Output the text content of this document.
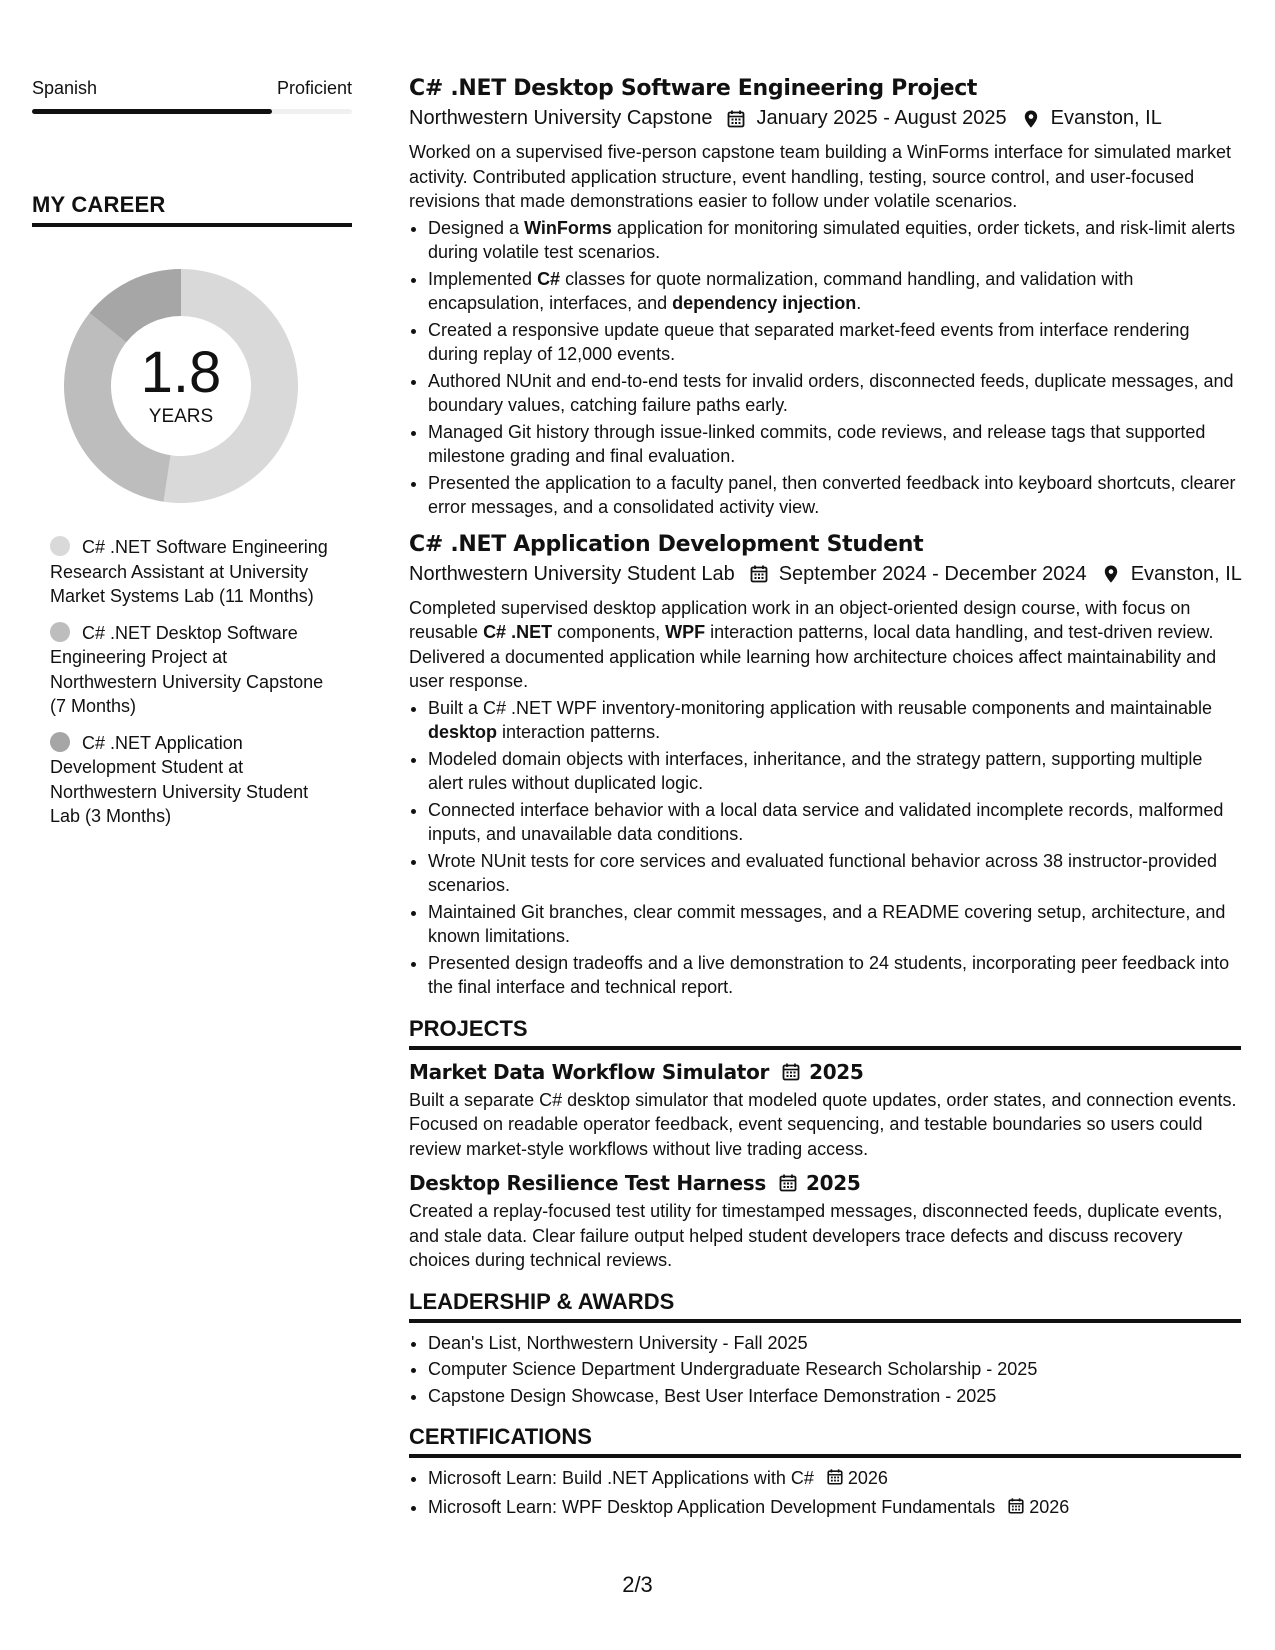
Spanish	Proficient
MY CAREER
1.8
YEARS
C# .NET Software Engineering Research Assistant at University Market Systems Lab (11 Months)
C# .NET Desktop Software Engineering Project at Northwestern University Capstone (7 Months)
C# .NET Application Development Student at Northwestern University Student Lab (3 Months)
C# .NET Desktop Software Engineering Project
Northwestern University Capstone January 2025 - August 2025 Evanston, IL
Worked on a supervised five-person capstone team building a WinForms interface for simulated market activity. Contributed application structure, event handling, testing, source control, and user-focused revisions that made demonstrations easier to follow under volatile scenarios.
• Designed a WinForms application for monitoring simulated equities, order tickets, and risk-limit alerts during volatile test scenarios.
• Implemented C# classes for quote normalization, command handling, and validation with encapsulation, interfaces, and dependency injection.
• Created a responsive update queue that separated market-feed events from interface rendering during replay of 12,000 events.
• Authored NUnit and end-to-end tests for invalid orders, disconnected feeds, duplicate messages, and boundary values, catching failure paths early.
• Managed Git history through issue-linked commits, code reviews, and release tags that supported milestone grading and final evaluation.
• Presented the application to a faculty panel, then converted feedback into keyboard shortcuts, clearer error messages, and a consolidated activity view.
C# .NET Application Development Student
Northwestern University Student Lab September 2024 - December 2024 Evanston, IL
Completed supervised desktop application work in an object-oriented design course, with focus on reusable C# .NET components, WPF interaction patterns, local data handling, and test-driven review. Delivered a documented application while learning how architecture choices affect maintainability and user response.
• Built a C# .NET WPF inventory-monitoring application with reusable components and maintainable desktop interaction patterns.
• Modeled domain objects with interfaces, inheritance, and the strategy pattern, supporting multiple alert rules without duplicated logic.
• Connected interface behavior with a local data service and validated incomplete records, malformed inputs, and unavailable data conditions.
• Wrote NUnit tests for core services and evaluated functional behavior across 38 instructor-provided scenarios.
• Maintained Git branches, clear commit messages, and a README covering setup, architecture, and known limitations.
• Presented design tradeoffs and a live demonstration to 24 students, incorporating peer feedback into the final interface and technical report.
PROJECTS
Market Data Workflow Simulator 2025
Built a separate C# desktop simulator that modeled quote updates, order states, and connection events. Focused on readable operator feedback, event sequencing, and testable boundaries so users could review market-style workflows without live trading access.
Desktop Resilience Test Harness 2025
Created a replay-focused test utility for timestamped messages, disconnected feeds, duplicate events, and stale data. Clear failure output helped student developers trace defects and discuss recovery choices during technical reviews.
LEADERSHIP & AWARDS
• Dean's List, Northwestern University - Fall 2025
• Computer Science Department Undergraduate Research Scholarship - 2025
• Capstone Design Showcase, Best User Interface Demonstration - 2025
CERTIFICATIONS
• Microsoft Learn: Build .NET Applications with C# 2026
• Microsoft Learn: WPF Desktop Application Development Fundamentals 2026
2/3
